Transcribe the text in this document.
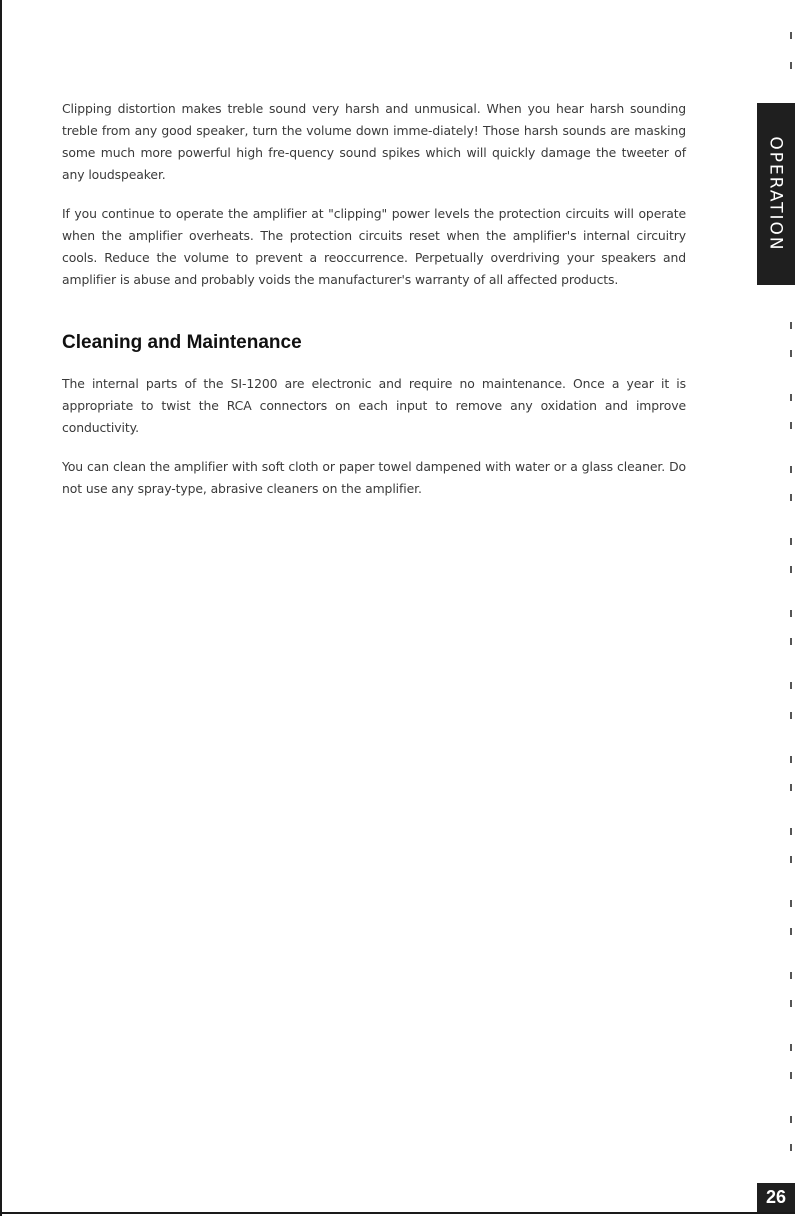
Clipping distortion makes treble sound very harsh and unmusical. When you hear harsh sounding treble from any good speaker, turn the volume down imme-diately! Those harsh sounds are masking some much more powerful high fre-quency sound spikes which will quickly damage the tweeter of any loudspeaker.

If you continue to operate the amplifier at "clipping" power levels the protection circuits will operate when the amplifier overheats. The protection circuits reset when the amplifier's internal circuitry cools. Reduce the volume to prevent a reoccurrence. Perpetually overdriving your speakers and amplifier is abuse and probably voids the manufacturer's warranty of all affected products.

Cleaning and Maintenance

The internal parts of the SI-1200 are electronic and require no maintenance. Once a year it is appropriate to twist the RCA connectors on each input to remove any oxidation and improve conductivity.

You can clean the amplifier with soft cloth or paper towel dampened with water or a glass cleaner. Do not use any spray-type, abrasive cleaners on the amplifier.

OPERATION
26
